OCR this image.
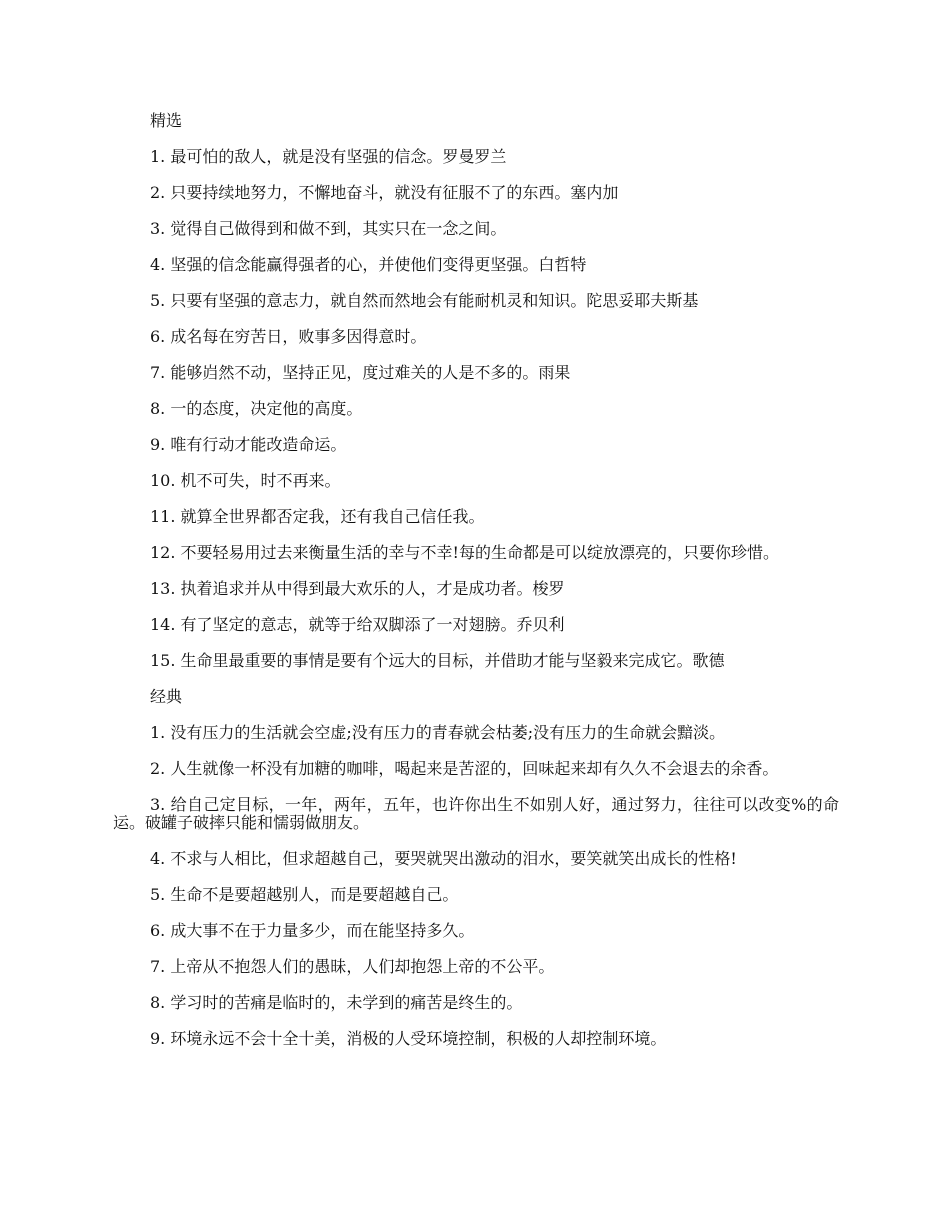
精选

1. 最可怕的敌人，就是没有坚强的信念。罗曼罗兰

2. 只要持续地努力，不懈地奋斗，就没有征服不了的东西。塞内加

3. 觉得自己做得到和做不到，其实只在一念之间。

4. 坚强的信念能赢得强者的心，并使他们变得更坚强。白哲特

5. 只要有坚强的意志力，就自然而然地会有能耐机灵和知识。陀思妥耶夫斯基

6. 成名每在穷苦日，败事多因得意时。

7. 能够岿然不动，坚持正见，度过难关的人是不多的。雨果

8. 一的态度，决定他的高度。

9. 唯有行动才能改造命运。

10. 机不可失，时不再来。

11. 就算全世界都否定我，还有我自己信任我。

12. 不要轻易用过去来衡量生活的幸与不幸!每的生命都是可以绽放漂亮的，只要你珍惜。

13. 执着追求并从中得到最大欢乐的人，才是成功者。梭罗

14. 有了坚定的意志，就等于给双脚添了一对翅膀。乔贝利

15. 生命里最重要的事情是要有个远大的目标，并借助才能与坚毅来完成它。歌德

经典

1. 没有压力的生活就会空虚;没有压力的青春就会枯萎;没有压力的生命就会黯淡。

2. 人生就像一杯没有加糖的咖啡，喝起来是苦涩的，回味起来却有久久不会退去的余香。

3. 给自己定目标，一年，两年，五年，也许你出生不如别人好，通过努力，往往可以改变%的命运。破罐子破摔只能和懦弱做朋友。

4. 不求与人相比，但求超越自己，要哭就哭出激动的泪水，要笑就笑出成长的性格!

5. 生命不是要超越别人，而是要超越自己。

6. 成大事不在于力量多少，而在能坚持多久。

7. 上帝从不抱怨人们的愚昧，人们却抱怨上帝的不公平。

8. 学习时的苦痛是临时的，未学到的痛苦是终生的。

9. 环境永远不会十全十美，消极的人受环境控制，积极的人却控制环境。
